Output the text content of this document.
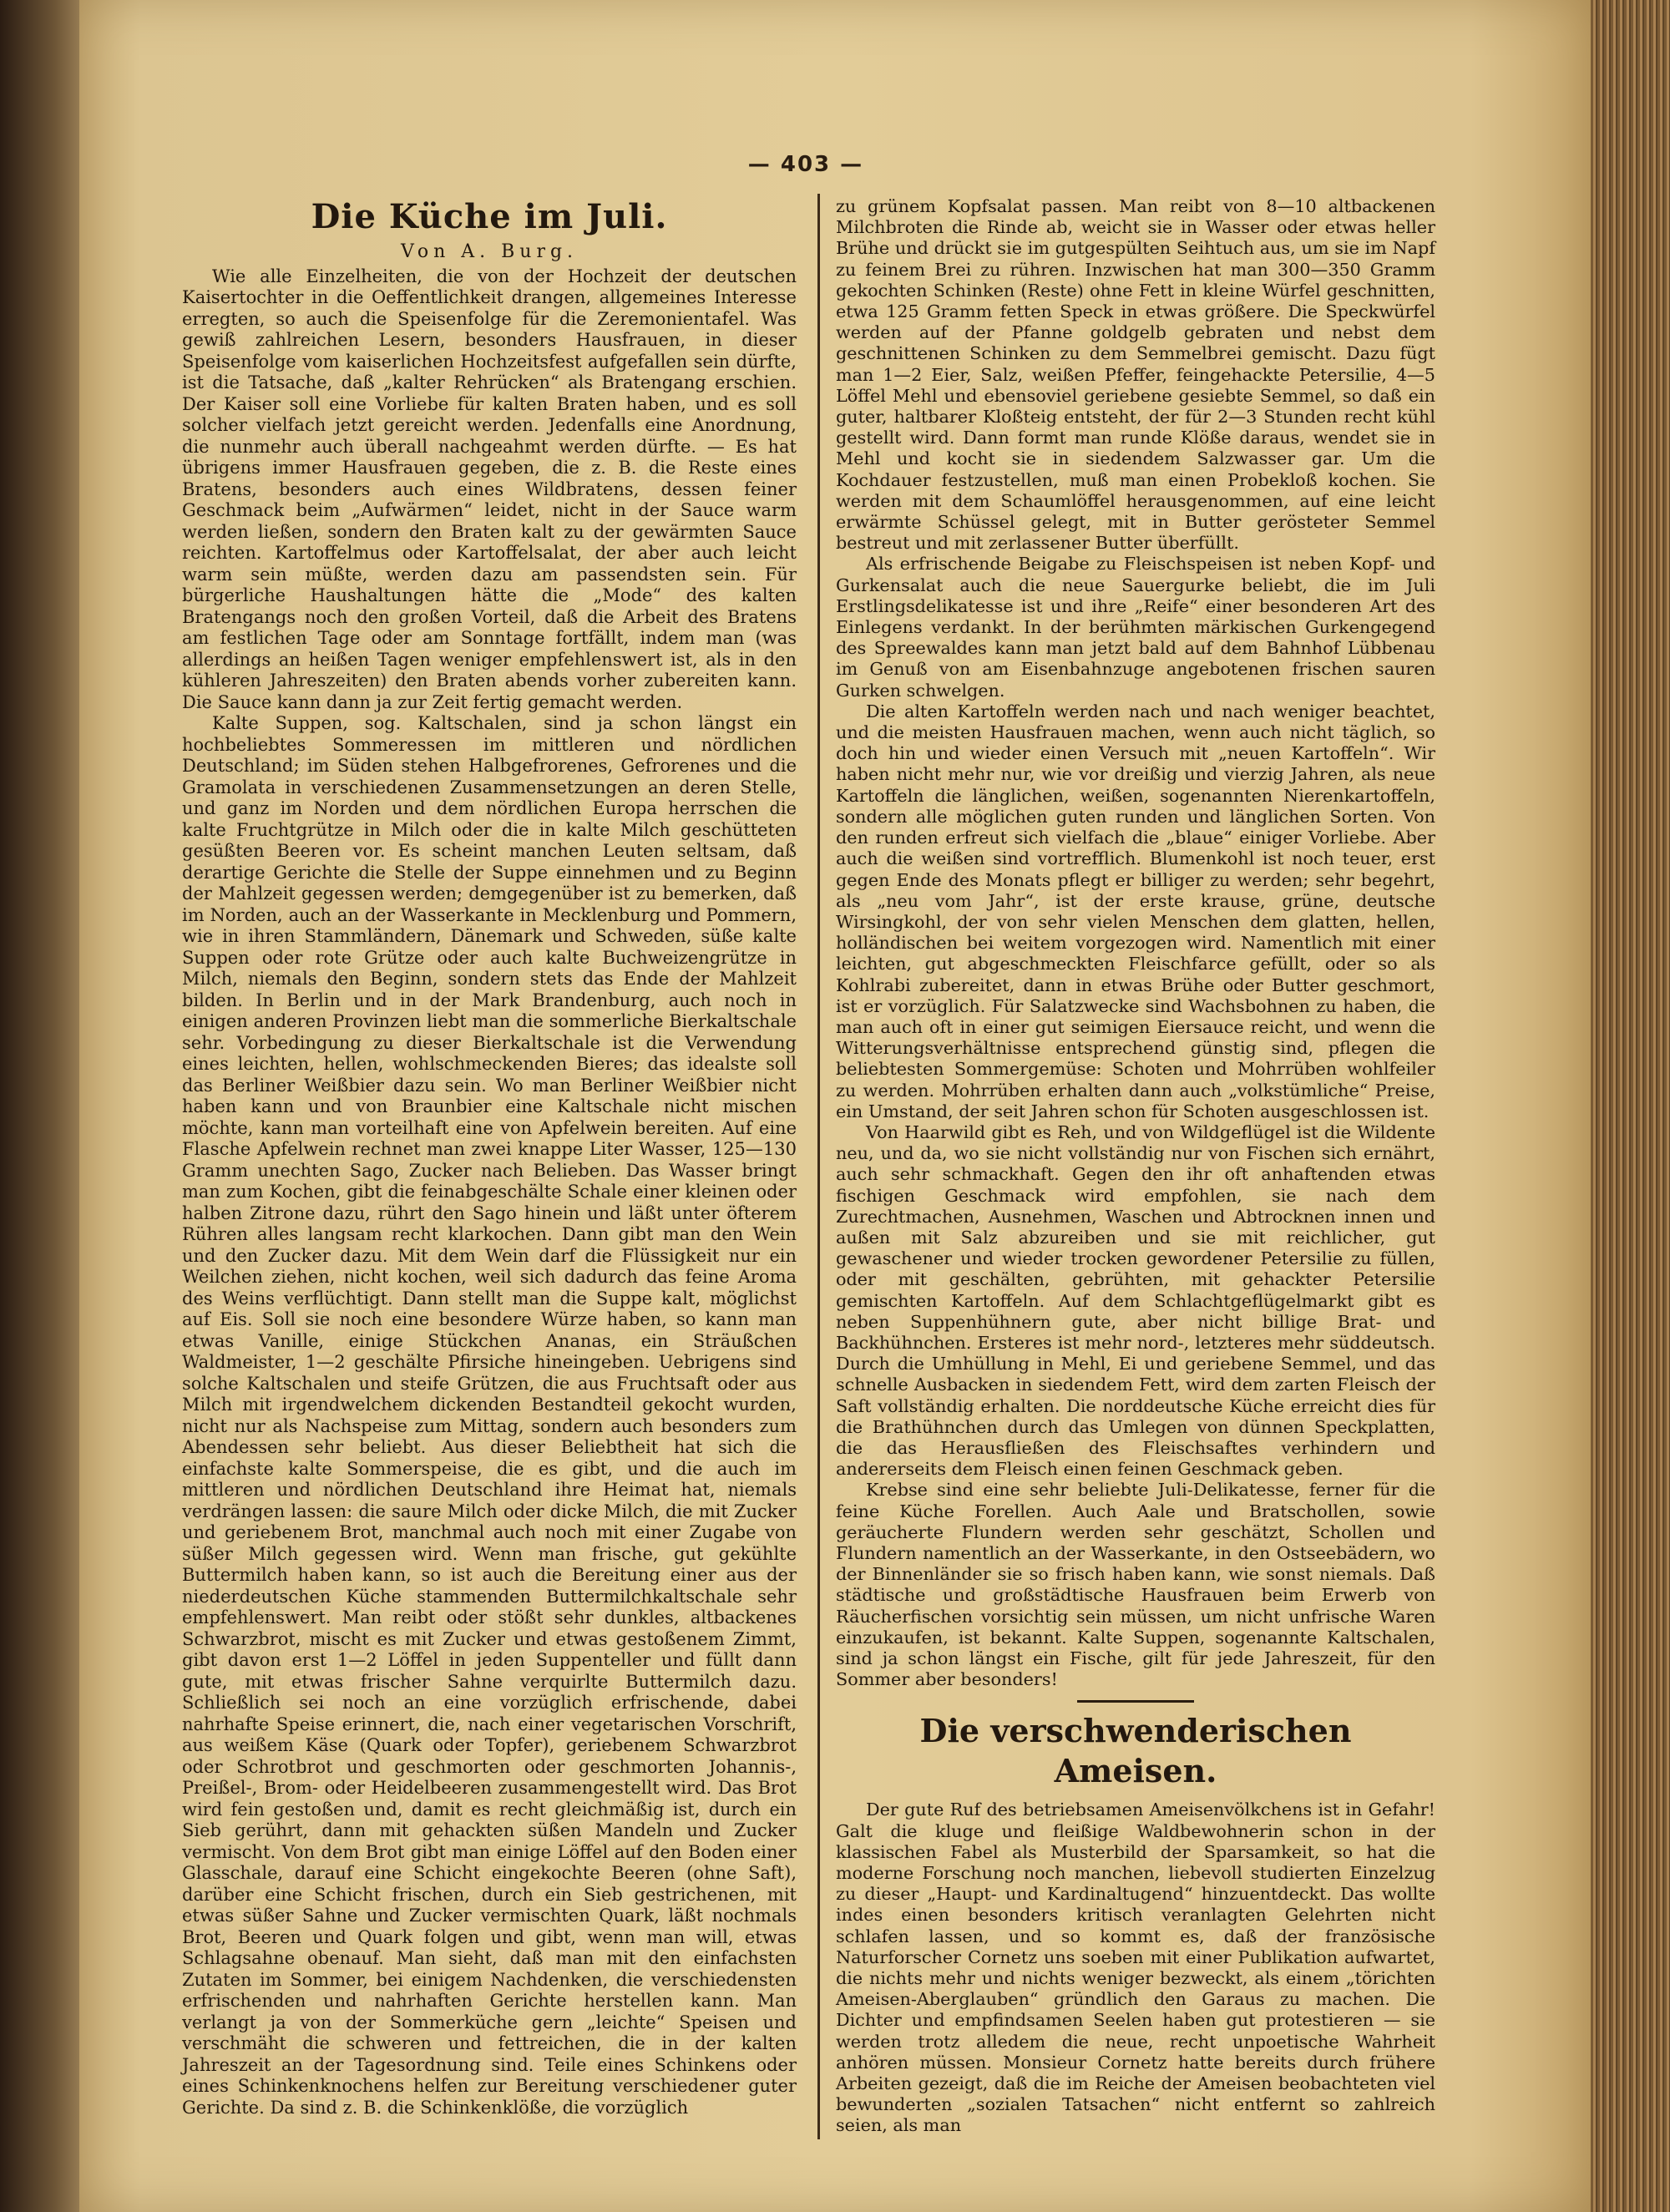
— 403 —
Die Küche im Juli.
Von A. Burg.

Wie alle Einzelheiten, die von der Hochzeit der deutschen Kaisertochter in die Oeffentlichkeit drangen, allgemeines Interesse erregten, so auch die Speisenfolge für die Zeremonientafel. Was gewiß zahlreichen Lesern, besonders Hausfrauen, in dieser Speisenfolge vom kaiserlichen Hochzeitsfest aufgefallen sein dürfte, ist die Tatsache, daß „kalter Rehrücken“ als Bratengang erschien. Der Kaiser soll eine Vorliebe für kalten Braten haben, und es soll solcher vielfach jetzt gereicht werden. Jedenfalls eine Anordnung, die nunmehr auch überall nachgeahmt werden dürfte. — Es hat übrigens immer Hausfrauen gegeben, die z. B. die Reste eines Bratens, besonders auch eines Wildbratens, dessen feiner Geschmack beim „Aufwärmen“ leidet, nicht in der Sauce warm werden ließen, sondern den Braten kalt zu der gewärmten Sauce reichten. Kartoffelmus oder Kartoffelsalat, der aber auch leicht warm sein müßte, werden dazu am passendsten sein. Für bürgerliche Haushaltungen hätte die „Mode“ des kalten Bratengangs noch den großen Vorteil, daß die Arbeit des Bratens am festlichen Tage oder am Sonntage fortfällt, indem man (was allerdings an heißen Tagen weniger empfehlenswert ist, als in den kühleren Jahreszeiten) den Braten abends vorher zubereiten kann. Die Sauce kann dann ja zur Zeit fertig gemacht werden.

Kalte Suppen, sog. Kaltschalen, sind ja schon längst ein hochbeliebtes Sommeressen im mittleren und nördlichen Deutschland; im Süden stehen Halbgefrorenes, Gefrorenes und die Gramolata in verschiedenen Zusammensetzungen an deren Stelle, und ganz im Norden und dem nördlichen Europa herrschen die kalte Fruchtgrütze in Milch oder die in kalte Milch geschütteten gesüßten Beeren vor. Es scheint manchen Leuten seltsam, daß derartige Gerichte die Stelle der Suppe einnehmen und zu Beginn der Mahlzeit gegessen werden; demgegenüber ist zu bemerken, daß im Norden, auch an der Wasserkante in Mecklenburg und Pommern, wie in ihren Stammländern, Dänemark und Schweden, süße kalte Suppen oder rote Grütze oder auch kalte Buchweizengrütze in Milch, niemals den Beginn, sondern stets das Ende der Mahlzeit bilden. In Berlin und in der Mark Brandenburg, auch noch in einigen anderen Provinzen liebt man die sommerliche Bierkaltschale sehr. Vorbedingung zu dieser Bierkaltschale ist die Verwendung eines leichten, hellen, wohlschmeckenden Bieres; das idealste soll das Berliner Weißbier dazu sein. Wo man Berliner Weißbier nicht haben kann und von Braunbier eine Kaltschale nicht mischen möchte, kann man vorteilhaft eine von Apfelwein bereiten. Auf eine Flasche Apfelwein rechnet man zwei knappe Liter Wasser, 125—130 Gramm unechten Sago, Zucker nach Belieben. Das Wasser bringt man zum Kochen, gibt die feinabgeschälte Schale einer kleinen oder halben Zitrone dazu, rührt den Sago hinein und läßt unter öfterem Rühren alles langsam recht klarkochen. Dann gibt man den Wein und den Zucker dazu. Mit dem Wein darf die Flüssigkeit nur ein Weilchen ziehen, nicht kochen, weil sich dadurch das feine Aroma des Weins verflüchtigt. Dann stellt man die Suppe kalt, möglichst auf Eis. Soll sie noch eine besondere Würze haben, so kann man etwas Vanille, einige Stückchen Ananas, ein Sträußchen Waldmeister, 1—2 geschälte Pfirsiche hineingeben. Uebrigens sind solche Kaltschalen und steife Grützen, die aus Fruchtsaft oder aus Milch mit irgendwelchem dickenden Bestandteil gekocht wurden, nicht nur als Nachspeise zum Mittag, sondern auch besonders zum Abendessen sehr beliebt. Aus dieser Beliebtheit hat sich die einfachste kalte Sommerspeise, die es gibt, und die auch im mittleren und nördlichen Deutschland ihre Heimat hat, niemals verdrängen lassen: die saure Milch oder dicke Milch, die mit Zucker und geriebenem Brot, manchmal auch noch mit einer Zugabe von süßer Milch gegessen wird. Wenn man frische, gut gekühlte Buttermilch haben kann, so ist auch die Bereitung einer aus der niederdeutschen Küche stammenden Buttermilchkaltschale sehr empfehlenswert. Man reibt oder stößt sehr dunkles, altbackenes Schwarzbrot, mischt es mit Zucker und etwas gestoßenem Zimmt, gibt davon erst 1—2 Löffel in jeden Suppenteller und füllt dann gute, mit etwas frischer Sahne verquirlte Buttermilch dazu. Schließlich sei noch an eine vorzüglich erfrischende, dabei nahrhafte Speise erinnert, die, nach einer vegetarischen Vorschrift, aus weißem Käse (Quark oder Topfer), geriebenem Schwarzbrot oder Schrotbrot und geschmorten oder geschmorten Johannis-, Preißel-, Brom- oder Heidelbeeren zusammengestellt wird. Das Brot wird fein gestoßen und, damit es recht gleichmäßig ist, durch ein Sieb gerührt, dann mit gehackten süßen Mandeln und Zucker vermischt. Von dem Brot gibt man einige Löffel auf den Boden einer Glasschale, darauf eine Schicht eingekochte Beeren (ohne Saft), darüber eine Schicht frischen, durch ein Sieb gestrichenen, mit etwas süßer Sahne und Zucker vermischten Quark, läßt nochmals Brot, Beeren und Quark folgen und gibt, wenn man will, etwas Schlagsahne obenauf. Man sieht, daß man mit den einfachsten Zutaten im Sommer, bei einigem Nachdenken, die verschiedensten erfrischenden und nahrhaften Gerichte herstellen kann. Man verlangt ja von der Sommerküche gern „leichte“ Speisen und verschmäht die schweren und fettreichen, die in der kalten Jahreszeit an der Tagesordnung sind. Teile eines Schinkens oder eines Schinkenknochens helfen zur Bereitung verschiedener guter Gerichte. Da sind z. B. die Schinkenklöße, die vorzüglich

zu grünem Kopfsalat passen. Man reibt von 8—10 altbackenen Milchbroten die Rinde ab, weicht sie in Wasser oder etwas heller Brühe und drückt sie im gutgespülten Seihtuch aus, um sie im Napf zu feinem Brei zu rühren. Inzwischen hat man 300—350 Gramm gekochten Schinken (Reste) ohne Fett in kleine Würfel geschnitten, etwa 125 Gramm fetten Speck in etwas größere. Die Speckwürfel werden auf der Pfanne goldgelb gebraten und nebst dem geschnittenen Schinken zu dem Semmelbrei gemischt. Dazu fügt man 1—2 Eier, Salz, weißen Pfeffer, feingehackte Petersilie, 4—5 Löffel Mehl und ebensoviel geriebene gesiebte Semmel, so daß ein guter, haltbarer Kloßteig entsteht, der für 2—3 Stunden recht kühl gestellt wird. Dann formt man runde Klöße daraus, wendet sie in Mehl und kocht sie in siedendem Salzwasser gar. Um die Kochdauer festzustellen, muß man einen Probekloß kochen. Sie werden mit dem Schaumlöffel herausgenommen, auf eine leicht erwärmte Schüssel gelegt, mit in Butter gerösteter Semmel bestreut und mit zerlassener Butter überfüllt.

Als erfrischende Beigabe zu Fleischspeisen ist neben Kopf- und Gurkensalat auch die neue Sauergurke beliebt, die im Juli Erstlingsdelikatesse ist und ihre „Reife“ einer besonderen Art des Einlegens verdankt. In der berühmten märkischen Gurkengegend des Spreewaldes kann man jetzt bald auf dem Bahnhof Lübbenau im Genuß von am Eisenbahnzuge angebotenen frischen sauren Gurken schwelgen.

Die alten Kartoffeln werden nach und nach weniger beachtet, und die meisten Hausfrauen machen, wenn auch nicht täglich, so doch hin und wieder einen Versuch mit „neuen Kartoffeln“. Wir haben nicht mehr nur, wie vor dreißig und vierzig Jahren, als neue Kartoffeln die länglichen, weißen, sogenannten Nierenkartoffeln, sondern alle möglichen guten runden und länglichen Sorten. Von den runden erfreut sich vielfach die „blaue“ einiger Vorliebe. Aber auch die weißen sind vortrefflich. Blumenkohl ist noch teuer, erst gegen Ende des Monats pflegt er billiger zu werden; sehr begehrt, als „neu vom Jahr“, ist der erste krause, grüne, deutsche Wirsingkohl, der von sehr vielen Menschen dem glatten, hellen, holländischen bei weitem vorgezogen wird. Namentlich mit einer leichten, gut abgeschmeckten Fleischfarce gefüllt, oder so als Kohlrabi zubereitet, dann in etwas Brühe oder Butter geschmort, ist er vorzüglich. Für Salatzwecke sind Wachsbohnen zu haben, die man auch oft in einer gut seimigen Eiersauce reicht, und wenn die Witterungsverhältnisse entsprechend günstig sind, pflegen die beliebtesten Sommergemüse: Schoten und Mohrrüben wohlfeiler zu werden. Mohrrüben erhalten dann auch „volkstümliche“ Preise, ein Umstand, der seit Jahren schon für Schoten ausgeschlossen ist.

Von Haarwild gibt es Reh, und von Wildgeflügel ist die Wildente neu, und da, wo sie nicht vollständig nur von Fischen sich ernährt, auch sehr schmackhaft. Gegen den ihr oft anhaftenden etwas fischigen Geschmack wird empfohlen, sie nach dem Zurechtmachen, Ausnehmen, Waschen und Abtrocknen innen und außen mit Salz abzureiben und sie mit reichlicher, gut gewaschener und wieder trocken gewordener Petersilie zu füllen, oder mit geschälten, gebrühten, mit gehackter Petersilie gemischten Kartoffeln. Auf dem Schlachtgeflügelmarkt gibt es neben Suppenhühnern gute, aber nicht billige Brat- und Backhühnchen. Ersteres ist mehr nord-, letzteres mehr süddeutsch. Durch die Umhüllung in Mehl, Ei und geriebene Semmel, und das schnelle Ausbacken in siedendem Fett, wird dem zarten Fleisch der Saft vollständig erhalten. Die norddeutsche Küche erreicht dies für die Brathühnchen durch das Umlegen von dünnen Speckplatten, die das Herausfließen des Fleischsaftes verhindern und andererseits dem Fleisch einen feinen Geschmack geben.

Krebse sind eine sehr beliebte Juli-Delikatesse, ferner für die feine Küche Forellen. Auch Aale und Bratschollen, sowie geräucherte Flundern werden sehr geschätzt, Schollen und Flundern namentlich an der Wasserkante, in den Ostseebädern, wo der Binnenländer sie so frisch haben kann, wie sonst niemals. Daß städtische und großstädtische Hausfrauen beim Erwerb von Räucherfischen vorsichtig sein müssen, um nicht unfrische Waren einzukaufen, ist bekannt. Kalte Suppen, sogenannte Kaltschalen, sind ja schon längst ein Fische, gilt für jede Jahreszeit, für den Sommer aber besonders!

Die verschwenderischen Ameisen.

Der gute Ruf des betriebsamen Ameisenvölkchens ist in Gefahr! Galt die kluge und fleißige Waldbewohnerin schon in der klassischen Fabel als Musterbild der Sparsamkeit, so hat die moderne Forschung noch manchen, liebevoll studierten Einzelzug zu dieser „Haupt- und Kardinaltugend“ hinzuentdeckt. Das wollte indes einen besonders kritisch veranlagten Gelehrten nicht schlafen lassen, und so kommt es, daß der französische Naturforscher Cornetz uns soeben mit einer Publikation aufwartet, die nichts mehr und nichts weniger bezweckt, als einem „törichten Ameisen-Aberglauben“ gründlich den Garaus zu machen. Die Dichter und empfindsamen Seelen haben gut protestieren — sie werden trotz alledem die neue, recht unpoetische Wahrheit anhören müssen. Monsieur Cornetz hatte bereits durch frühere Arbeiten gezeigt, daß die im Reiche der Ameisen beobachteten viel bewunderten „sozialen Tatsachen“ nicht entfernt so zahlreich seien, als man
